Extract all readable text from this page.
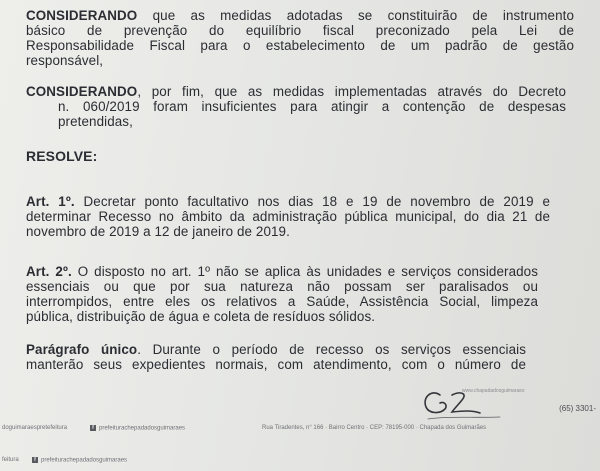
CONSIDERANDO que as medidas adotadas se constituirão de instrumento
básico de prevenção do equilíbrio fiscal preconizado pela Lei de
Responsabilidade Fiscal para o estabelecimento de um padrão de gestão
responsável,
CONSIDERANDO, por fim, que as medidas implementadas através do Decreto
n. 060/2019 foram insuficientes para atingir a contenção de despesas
pretendidas,
RESOLVE:
Art. 1º. Decretar ponto facultativo nos dias 18 e 19 de novembro de 2019 e
determinar Recesso no âmbito da administração pública municipal, do dia 21 de
novembro de 2019 a 12 de janeiro de 2019.
Art. 2º. O disposto no art. 1º não se aplica às unidades e serviços considerados
essenciais ou que por sua natureza não possam ser paralisados ou
interrompidos, entre eles os relativos a Saúde, Assistência Social, limpeza
pública, distribuição de água e coleta de resíduos sólidos.
Parágrafo único. Durante o período de recesso os serviços essenciais
manterão seus expedientes normais, com atendimento, com o número de
www.chapadadosguimaraes
(65) 3301-
doguimaraespretefeitura	f prefeiturachepadadosguimaraes	Rua Tiradentes, n° 166 · Bairro Centro · CEP: 78195-000 · Chapada dos Guimarães
feitura	f prefeiturachepadadosguimaraes
